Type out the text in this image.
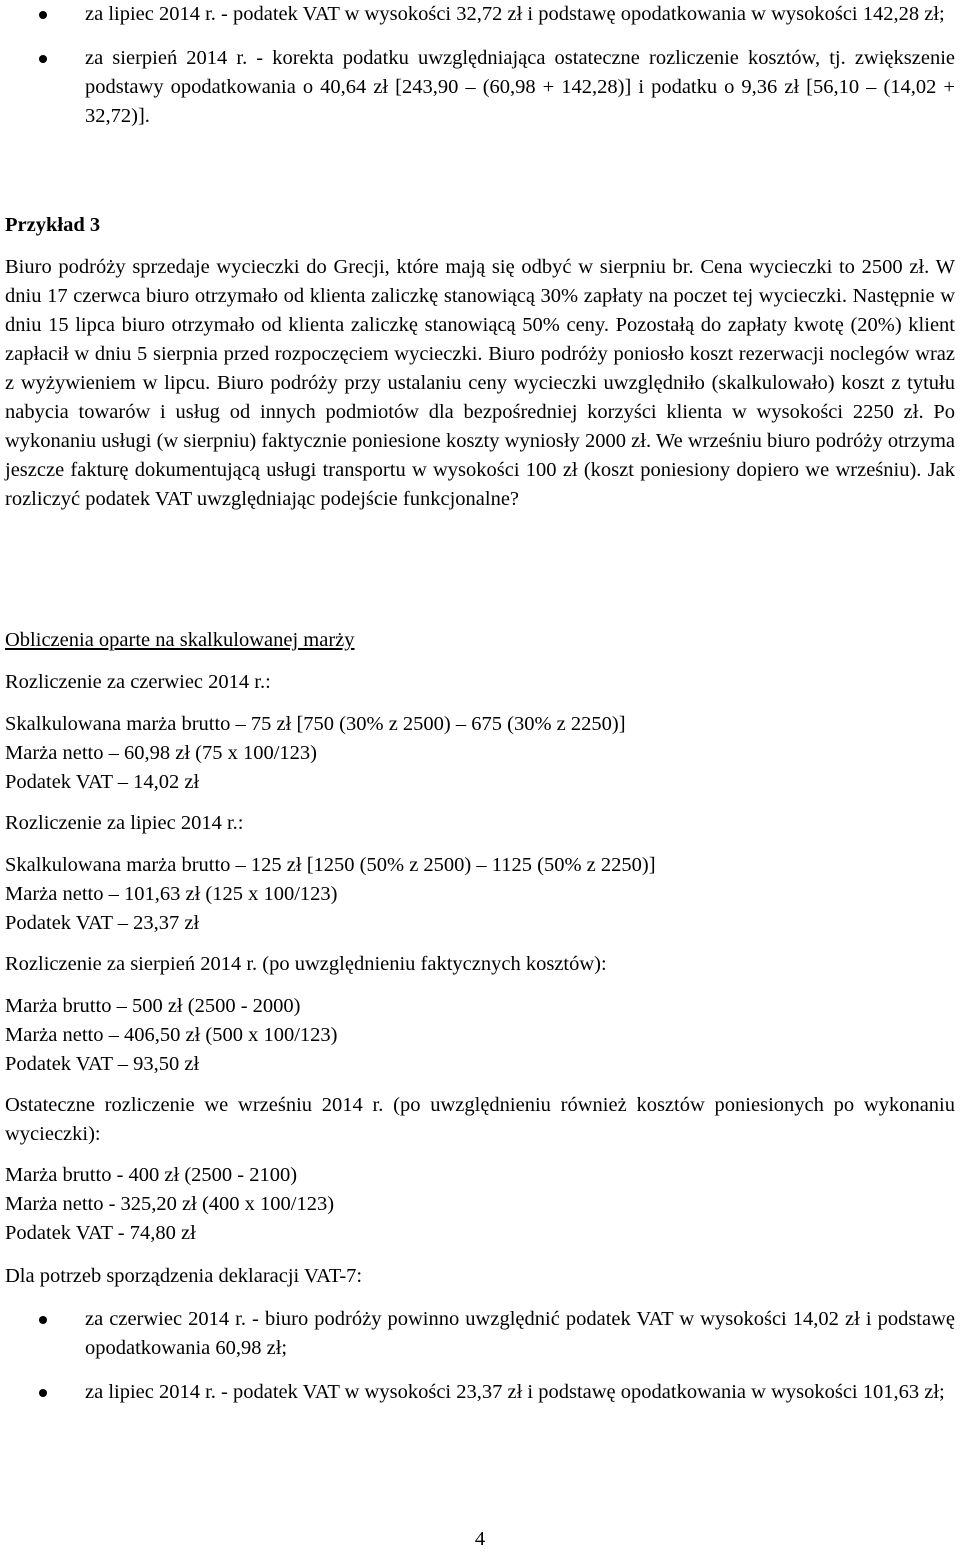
za lipiec 2014 r. - podatek VAT w wysokości 32,72 zł i podstawę opodatkowania w wysokości 142,28 zł;
za sierpień 2014 r. - korekta podatku uwzględniająca ostateczne rozliczenie kosztów, tj. zwiększenie podstawy opodatkowania o 40,64 zł [243,90 – (60,98 + 142,28)] i podatku o 9,36 zł [56,10 – (14,02 + 32,72)].
Przykład 3
Biuro podróży sprzedaje wycieczki do Grecji, które mają się odbyć w sierpniu br. Cena wycieczki to 2500 zł. W dniu 17 czerwca biuro otrzymało od klienta zaliczkę stanowiącą 30% zapłaty na poczet tej wycieczki. Następnie w dniu 15 lipca biuro otrzymało od klienta zaliczkę stanowiącą 50% ceny. Pozostałą do zapłaty kwotę (20%) klient zapłacił w dniu 5 sierpnia przed rozpoczęciem wycieczki. Biuro podróży poniosło koszt rezerwacji noclegów wraz z wyżywieniem w lipcu. Biuro podróży przy ustalaniu ceny wycieczki uwzględniło (skalkulowało) koszt z tytułu nabycia towarów i usług od innych podmiotów dla bezpośredniej korzyści klienta w wysokości 2250 zł. Po wykonaniu usługi (w sierpniu) faktycznie poniesione koszty wyniosły 2000 zł. We wrześniu biuro podróży otrzyma jeszcze fakturę dokumentującą usługi transportu w wysokości 100 zł (koszt poniesiony dopiero we wrześniu). Jak rozliczyć podatek VAT uwzględniając podejście funkcjonalne?
Obliczenia oparte na skalkulowanej marży
Rozliczenie za czerwiec 2014 r.:
Skalkulowana marża brutto – 75 zł [750 (30% z 2500) – 675 (30% z 2250)]
Marża netto – 60,98 zł (75 x 100/123)
Podatek VAT – 14,02 zł
Rozliczenie za lipiec 2014 r.:
Skalkulowana marża brutto – 125 zł [1250 (50% z 2500) – 1125 (50% z 2250)]
Marża netto – 101,63 zł (125 x 100/123)
Podatek VAT – 23,37 zł
Rozliczenie za sierpień 2014 r. (po uwzględnieniu faktycznych kosztów):
Marża brutto – 500 zł (2500 - 2000)
Marża netto – 406,50 zł (500 x 100/123)
Podatek VAT – 93,50 zł
Ostateczne rozliczenie we wrześniu 2014 r. (po uwzględnieniu również kosztów poniesionych po wykonaniu wycieczki):
Marża brutto - 400 zł (2500 - 2100)
Marża netto - 325,20 zł (400 x 100/123)
Podatek VAT - 74,80 zł
Dla potrzeb sporządzenia deklaracji VAT-7:
za czerwiec 2014 r. - biuro podróży powinno uwzględnić podatek VAT w wysokości 14,02 zł i podstawę opodatkowania 60,98 zł;
za lipiec 2014 r. - podatek VAT w wysokości 23,37 zł i podstawę opodatkowania w wysokości 101,63 zł;
4
